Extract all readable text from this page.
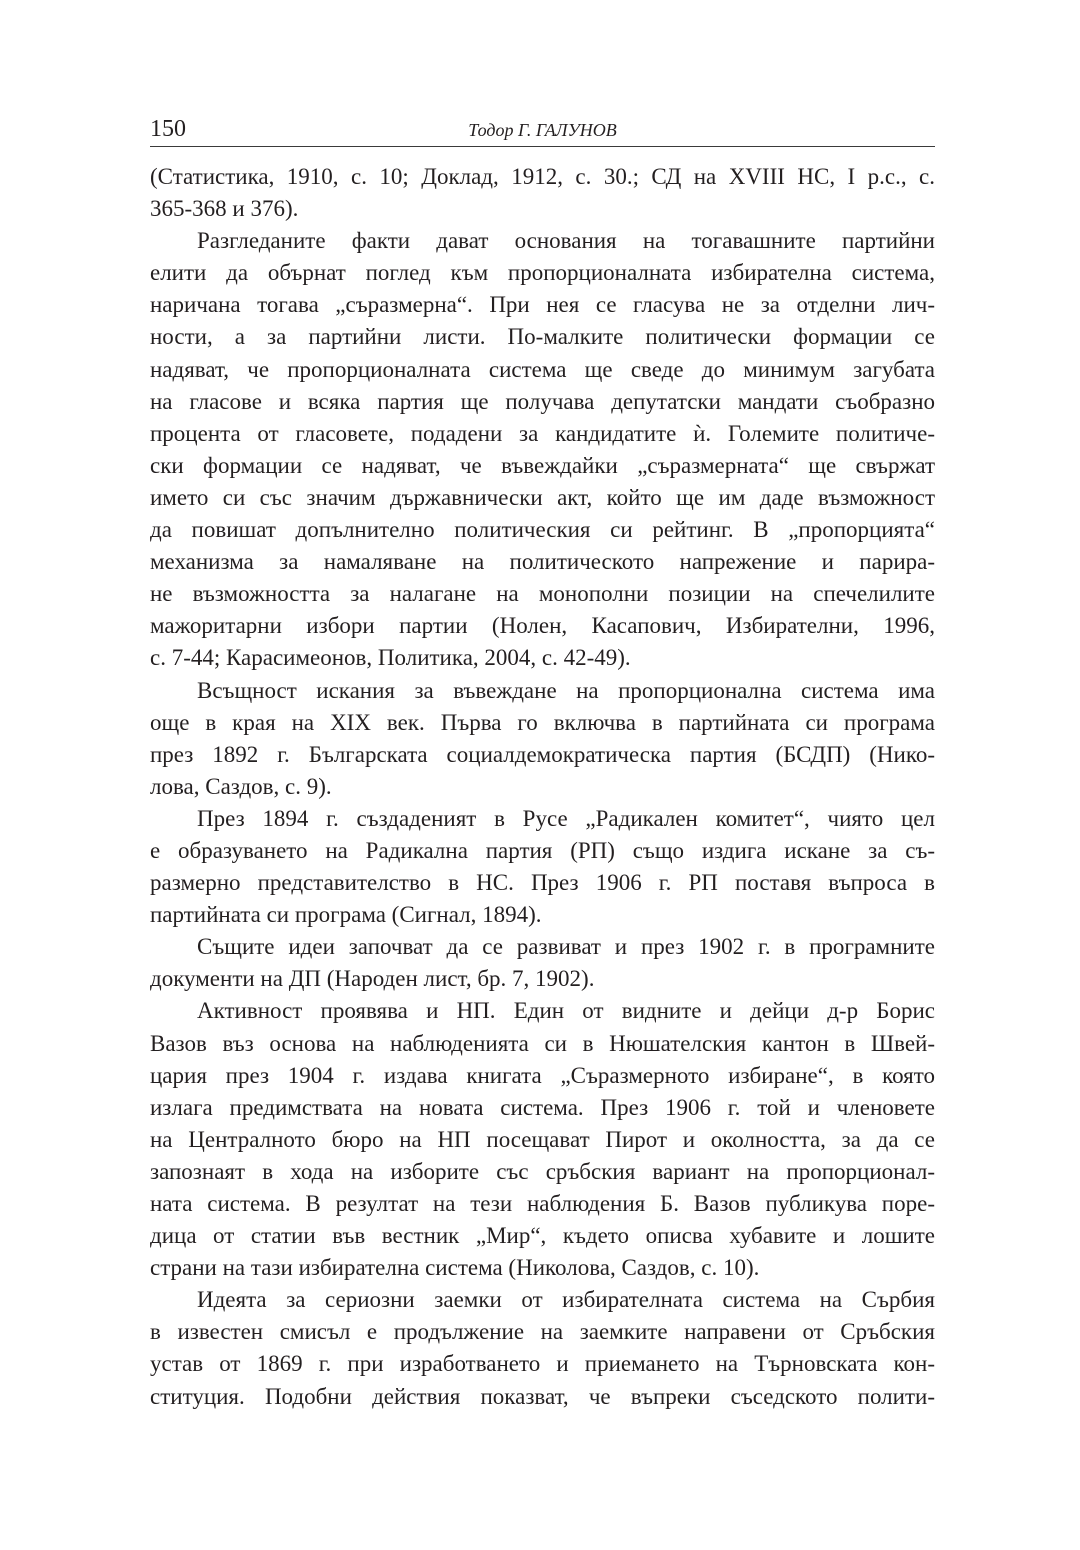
150	Тодор Г. ГАЛУНОВ
(Статистика, 1910, с. 10; Доклад, 1912, с. 30.; СД на XVIII НС, I р.с., с.
365-368 и 376).
Разгледаните факти дават основания на тогавашните партийни
елити да обърнат поглед към пропорционалната избирателна система,
наричана тогава „съразмерна“. При нея се гласува не за отделни лич-
ности, а за партийни листи. По-малките политически формации се
надяват, че пропорционалната система ще сведе до минимум загубата
на гласове и всяка партия ще получава депутатски мандати съобразно
процента от гласовете, подадени за кандидатите ѝ. Големите политиче-
ски формации се надяват, че въвеждайки „съразмерната“ ще свържат
името си със значим държавнически акт, който ще им даде възможност
да повишат допълнително политическия си рейтинг. В „пропорцията“
механизма за намаляване на политическото напрежение и парира-
не възможността за налагане на монополни позиции на спечелилите
мажоритарни избори партии (Нолен, Касапович, Избирателни, 1996,
с. 7-44; Карасимеонов, Политика, 2004, с. 42-49).
Всъщност искания за въвеждане на пропорционална система има
още в края на XIX век. Първа го включва в партийната си програма
през 1892 г. Българската социалдемократическа партия (БСДП) (Нико-
лова, Саздов, с. 9).
През 1894 г. създаденият в Русе „Радикален комитет“, чиято цел
е образуването на Радикална партия (РП) също издига искане за съ-
размерно представителство в НС. През 1906 г. РП поставя въпроса в
партийната си програма (Сигнал, 1894).
Същите идеи започват да се развиват и през 1902 г. в програмните
документи на ДП (Народен лист, бр. 7, 1902).
Активност проявява и НП. Един от видните и дейци д-р Борис
Вазов въз основа на наблюденията си в Нюшателския кантон в Швей-
цария през 1904 г. издава книгата „Съразмерното избиране“, в която
излага предимствата на новата система. През 1906 г. той и членовете
на Централното бюро на НП посещават Пирот и околността, за да се
запознаят в хода на изборите със сръбския вариант на пропорционал-
ната система. В резултат на тези наблюдения Б. Вазов публикува поре-
дица от статии във вестник „Мир“, където описва хубавите и лошите
страни на тази избирателна система (Николова, Саздов, с. 10).
Идеята за сериозни заемки от избирателната система на Сърбия
в известен смисъл е продължение на заемките направени от Сръбския
устав от 1869 г. при изработването и приемането на Търновската кон-
ституция. Подобни действия показват, че въпреки съседското полити-
